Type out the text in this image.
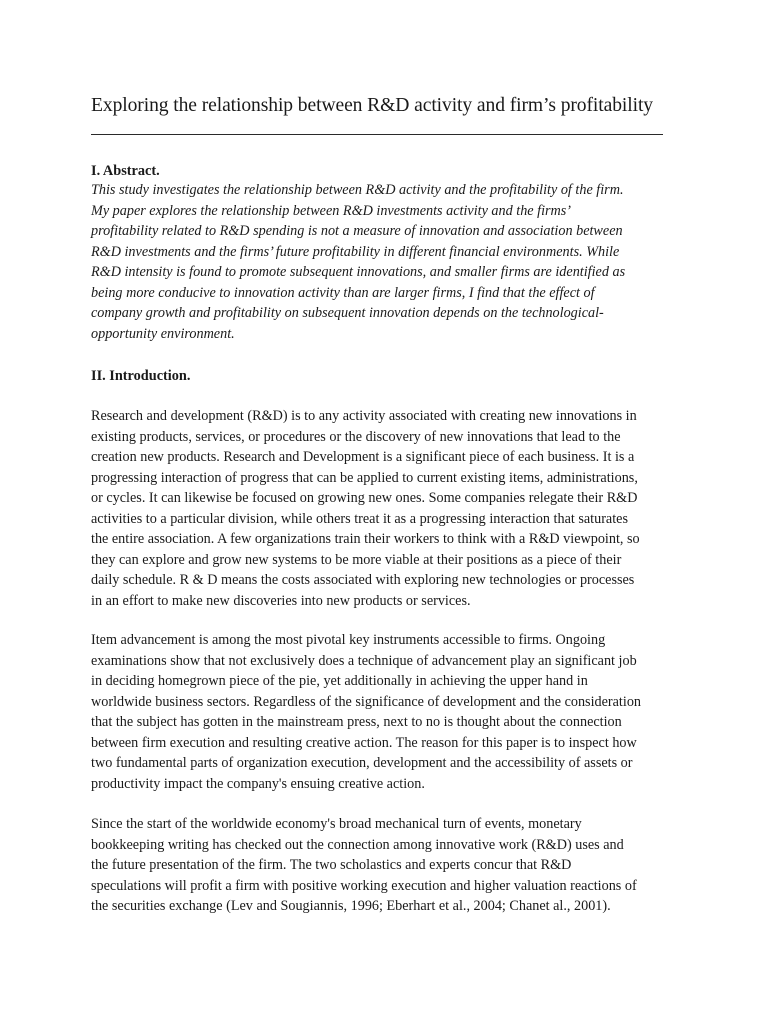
Exploring the relationship between R&D activity and firm’s profitability
I. Abstract.
This study investigates the relationship between R&D activity and the profitability of the firm.
My paper explores the relationship between R&D investments activity and the firms’
profitability related to R&D spending is not a measure of innovation and association between
R&D investments and the firms’ future profitability in different financial environments. While
R&D intensity is found to promote subsequent innovations, and smaller firms are identified as
being more conducive to innovation activity than are larger firms, I find that the effect of
company growth and profitability on subsequent innovation depends on the technological-
opportunity environment.
II. Introduction.
Research and development (R&D) is to any activity associated with creating new innovations in
existing products, services, or procedures or the discovery of new innovations that lead to the
creation new products. Research and Development is a significant piece of each business. It is a
progressing interaction of progress that can be applied to current existing items, administrations,
or cycles. It can likewise be focused on growing new ones. Some companies relegate their R&D
activities to a particular division, while others treat it as a progressing interaction that saturates
the entire association. A few organizations train their workers to think with a R&D viewpoint, so
they can explore and grow new systems to be more viable at their positions as a piece of their
daily schedule. R & D means the costs associated with exploring new technologies or processes
in an effort to make new discoveries into new products or services.
Item advancement is among the most pivotal key instruments accessible to firms. Ongoing
examinations show that not exclusively does a technique of advancement play an significant job
in deciding homegrown piece of the pie, yet additionally in achieving the upper hand in
worldwide business sectors. Regardless of the significance of development and the consideration
that the subject has gotten in the mainstream press, next to no is thought about the connection
between firm execution and resulting creative action. The reason for this paper is to inspect how
two fundamental parts of organization execution, development and the accessibility of assets or
productivity impact the company's ensuing creative action.
Since the start of the worldwide economy's broad mechanical turn of events, monetary
bookkeeping writing has checked out the connection among innovative work (R&D) uses and
the future presentation of the firm. The two scholastics and experts concur that R&D
speculations will profit a firm with positive working execution and higher valuation reactions of
the securities exchange (Lev and Sougiannis, 1996; Eberhart et al., 2004; Chanet al., 2001).
